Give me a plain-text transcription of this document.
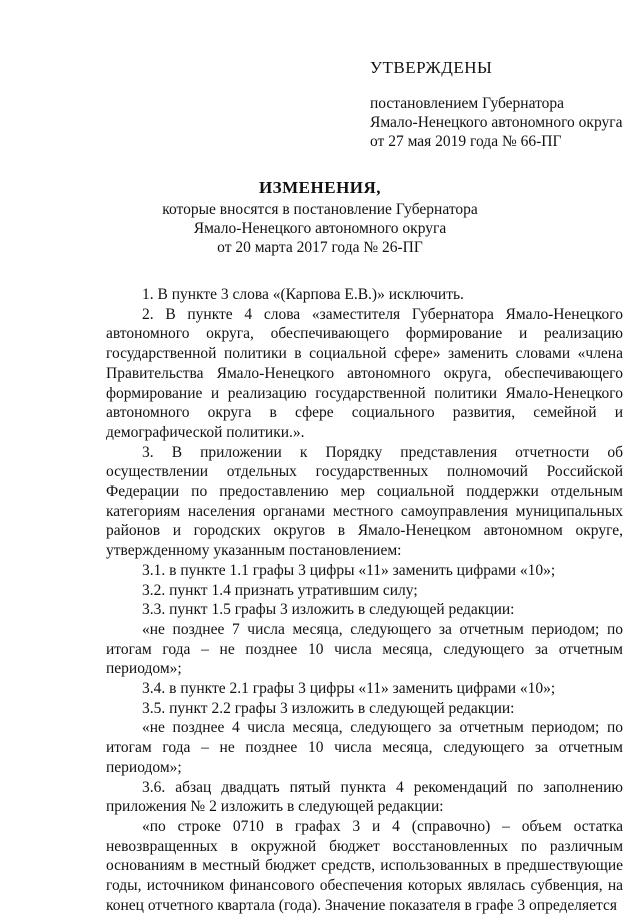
УТВЕРЖДЕНЫ
постановлением Губернатора
Ямало-Ненецкого автономного округа
от 27 мая 2019 года № 66-ПГ
ИЗМЕНЕНИЯ,
которые вносятся в постановление Губернатора
Ямало-Ненецкого автономного округа
от 20 марта 2017 года № 26-ПГ

1. В пункте 3 слова «(Карпова Е.В.)» исключить.

2. В пункте 4 слова «заместителя Губернатора Ямало-Ненецкого автономного округа, обеспечивающего формирование и реализацию государственной политики в социальной сфере» заменить словами «члена Правительства Ямало-Ненецкого автономного округа, обеспечивающего формирование и реализацию государственной политики Ямало-Ненецкого автономного округа в сфере социального развития, семейной и демографической политики.».

3. В приложении к Порядку представления отчетности об осуществлении отдельных государственных полномочий Российской Федерации по предоставлению мер социальной поддержки отдельным категориям населения органами местного самоуправления муниципальных районов и городских округов в Ямало-Ненецком автономном округе, утвержденному указанным постановлением:

3.1. в пункте 1.1 графы 3 цифры «11» заменить цифрами «10»;

3.2. пункт 1.4 признать утратившим силу;

3.3. пункт 1.5 графы 3 изложить в следующей редакции:

«не позднее 7 числа месяца, следующего за отчетным периодом; по итогам года – не позднее 10 числа месяца, следующего за отчетным периодом»;

3.4. в пункте 2.1 графы 3 цифры «11» заменить цифрами «10»;

3.5. пункт 2.2 графы 3 изложить в следующей редакции:

«не позднее 4 числа месяца, следующего за отчетным периодом; по итогам года – не позднее 10 числа месяца, следующего за отчетным периодом»;

3.6. абзац двадцать пятый пункта 4 рекомендаций по заполнению приложения № 2 изложить в следующей редакции:

«по строке 0710 в графах 3 и 4 (справочно) – объем остатка невозвращенных в окружной бюджет восстановленных по различным основаниям в местный бюджет средств, использованных в предшествующие годы, источником финансового обеспечения которых являлась субвенция, на конец отчетного квартала (года). Значение показателя в графе 3 определяется
